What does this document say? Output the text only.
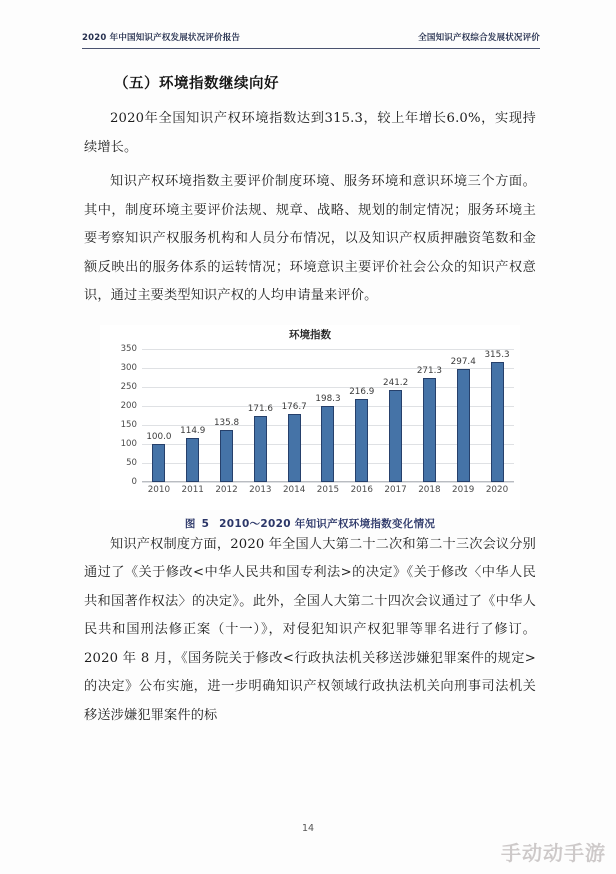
2020 年中国知识产权发展状况评价报告	全国知识产权综合发展状况评价
（五）环境指数继续向好

2020年全国知识产权环境指数达到315.3，较上年增长6.0%，实现持续增长。

知识产权环境指数主要评价制度环境、服务环境和意识环境三个方面。其中，制度环境主要评价法规、规章、战略、规划的制定情况；服务环境主要考察知识产权服务机构和人员分布情况，以及知识产权质押融资笔数和金额反映出的服务体系的运转情况；环境意识主要评价社会公众的知识产权意识，通过主要类型知识产权的人均申请量来评价。

环境指数
350
300
250
200
150
100
50
0
100.0
114.9
135.8
171.6 176.7
198.3
216.9
241.2
271.3
297.4
315.3
2010	2011	2012	2013	2014	2015	2016	2017	2018	2019	2020
图 5 2010～2020 年知识产权环境指数变化情况

知识产权制度方面，2020 年全国人大第二十二次和第二十三次会议分别通过了《关于修改<中华人民共和国专利法>的决定》《关于修改〈中华人民共和国著作权法〉的决定》。此外，全国人大第二十四次会议通过了《中华人民共和国刑法修正案（十一）》，对侵犯知识产权犯罪等罪名进行了修订。2020 年 8 月，《国务院关于修改<行政执法机关移送涉嫌犯罪案件的规定>的决定》公布实施，进一步明确知识产权领域行政执法机关向刑事司法机关移送涉嫌犯罪案件的标

14
手动动手游
